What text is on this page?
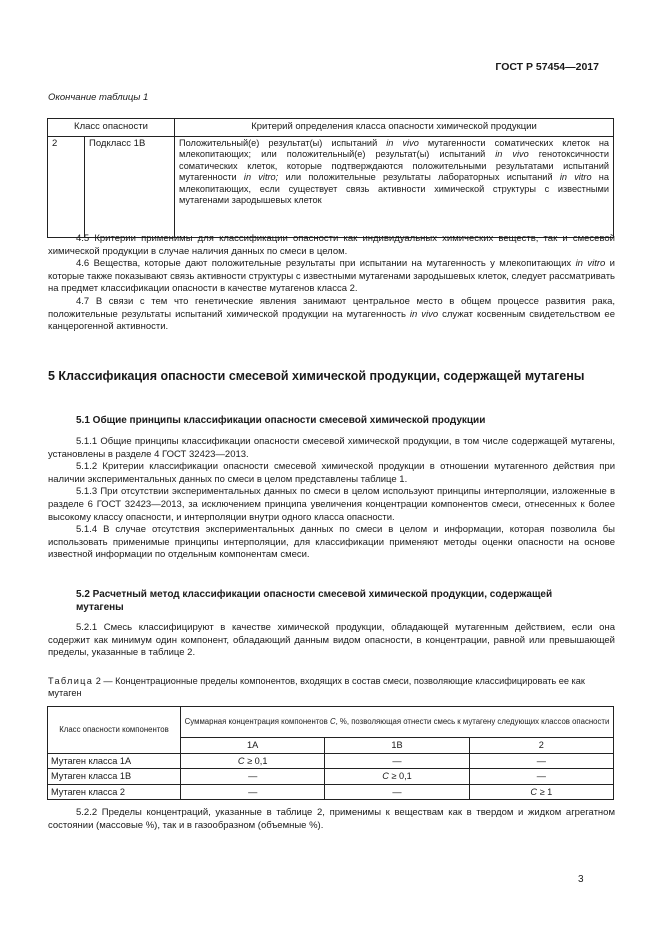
ГОСТ Р 57454—2017
Окончание таблицы 1
Класс опасности	Критерий определения класса опасности химической продукции

2 Подкласс 1B	Положительный(е) результат(ы) испытаний in vivo мутагенности соматических клеток на млекопитающих; или положительный(е) результат(ы) испытаний in vivo генотоксичности соматических клеток, которые подтверждаются положительными результатами испытаний мутагенности in vitro; или положительные результаты лабораторных испытаний in vitro на млекопитающих, если существует связь активности химической структуры с известными мутагенами зародышевых клеток

4.5 Критерии применимы для классификации опасности как индивидуальных химических веществ, так и смесевой химической продукции в случае наличия данных по смеси в целом.

4.6 Вещества, которые дают положительные результаты при испытании на мутагенность у млекопитающих in vitro и которые также показывают связь активности структуры с известными мутагенами зародышевых клеток, следует рассматривать на предмет классификации опасности в качестве мутагенов класса 2.

4.7 В связи с тем что генетические явления занимают центральное место в общем процессе развития рака, положительные результаты испытаний химической продукции на мутагенность in vivo служат косвенным свидетельством ее канцерогенной активности.

5 Классификация опасности смесевой химической продукции, содержащей мутагены
5.1 Общие принципы классификации опасности смесевой химической продукции

5.1.1 Общие принципы классификации опасности смесевой химической продукции, в том числе содержащей мутагены, установлены в разделе 4 ГОСТ 32423—2013.

5.1.2 Критерии классификации опасности смесевой химической продукции в отношении мутагенного действия при наличии экспериментальных данных по смеси в целом представлены таблице 1.

5.1.3 При отсутствии экспериментальных данных по смеси в целом используют принципы интерполяции, изложенные в разделе 6 ГОСТ 32423—2013, за исключением принципа увеличения концентрации компонентов смеси, отнесенных к более высокому классу опасности, и интерполяции внутри одного класса опасности.

5.1.4 В случае отсутствия экспериментальных данных по смеси в целом и информации, которая позволила бы использовать применимые принципы интерполяции, для классификации применяют методы оценки опасности на основе известной информации по отдельным компонентам смеси.

5.2 Расчетный метод классификации опасности смесевой химической продукции, содержащей мутагены

5.2.1 Смесь классифицируют в качестве химической продукции, обладающей мутагенным действием, если она содержит как минимум один компонент, обладающий данным видом опасности, в концентрации, равной или превышающей пределы, указанные в таблице 2.

Таблица 2 — Концентрационные пределы компонентов, входящих в состав смеси, позволяющие классифицировать ее как мутаген
Класс опасности компонентов	Суммарная концентрация компонентов С, %, позволяющая отнести смесь к мутагену следующих классов опасности		
	1А	1В	2
Мутаген класса 1А	С ≥ 0,1	—	—
Мутаген класса 1В	—	С ≥ 0,1	—
Мутаген класса 2	—	—	С ≥ 1

5.2.2 Пределы концентраций, указанные в таблице 2, применимы к веществам как в твердом и жидком агрегатном состоянии (массовые %), так и в газообразном (объемные %).

3
